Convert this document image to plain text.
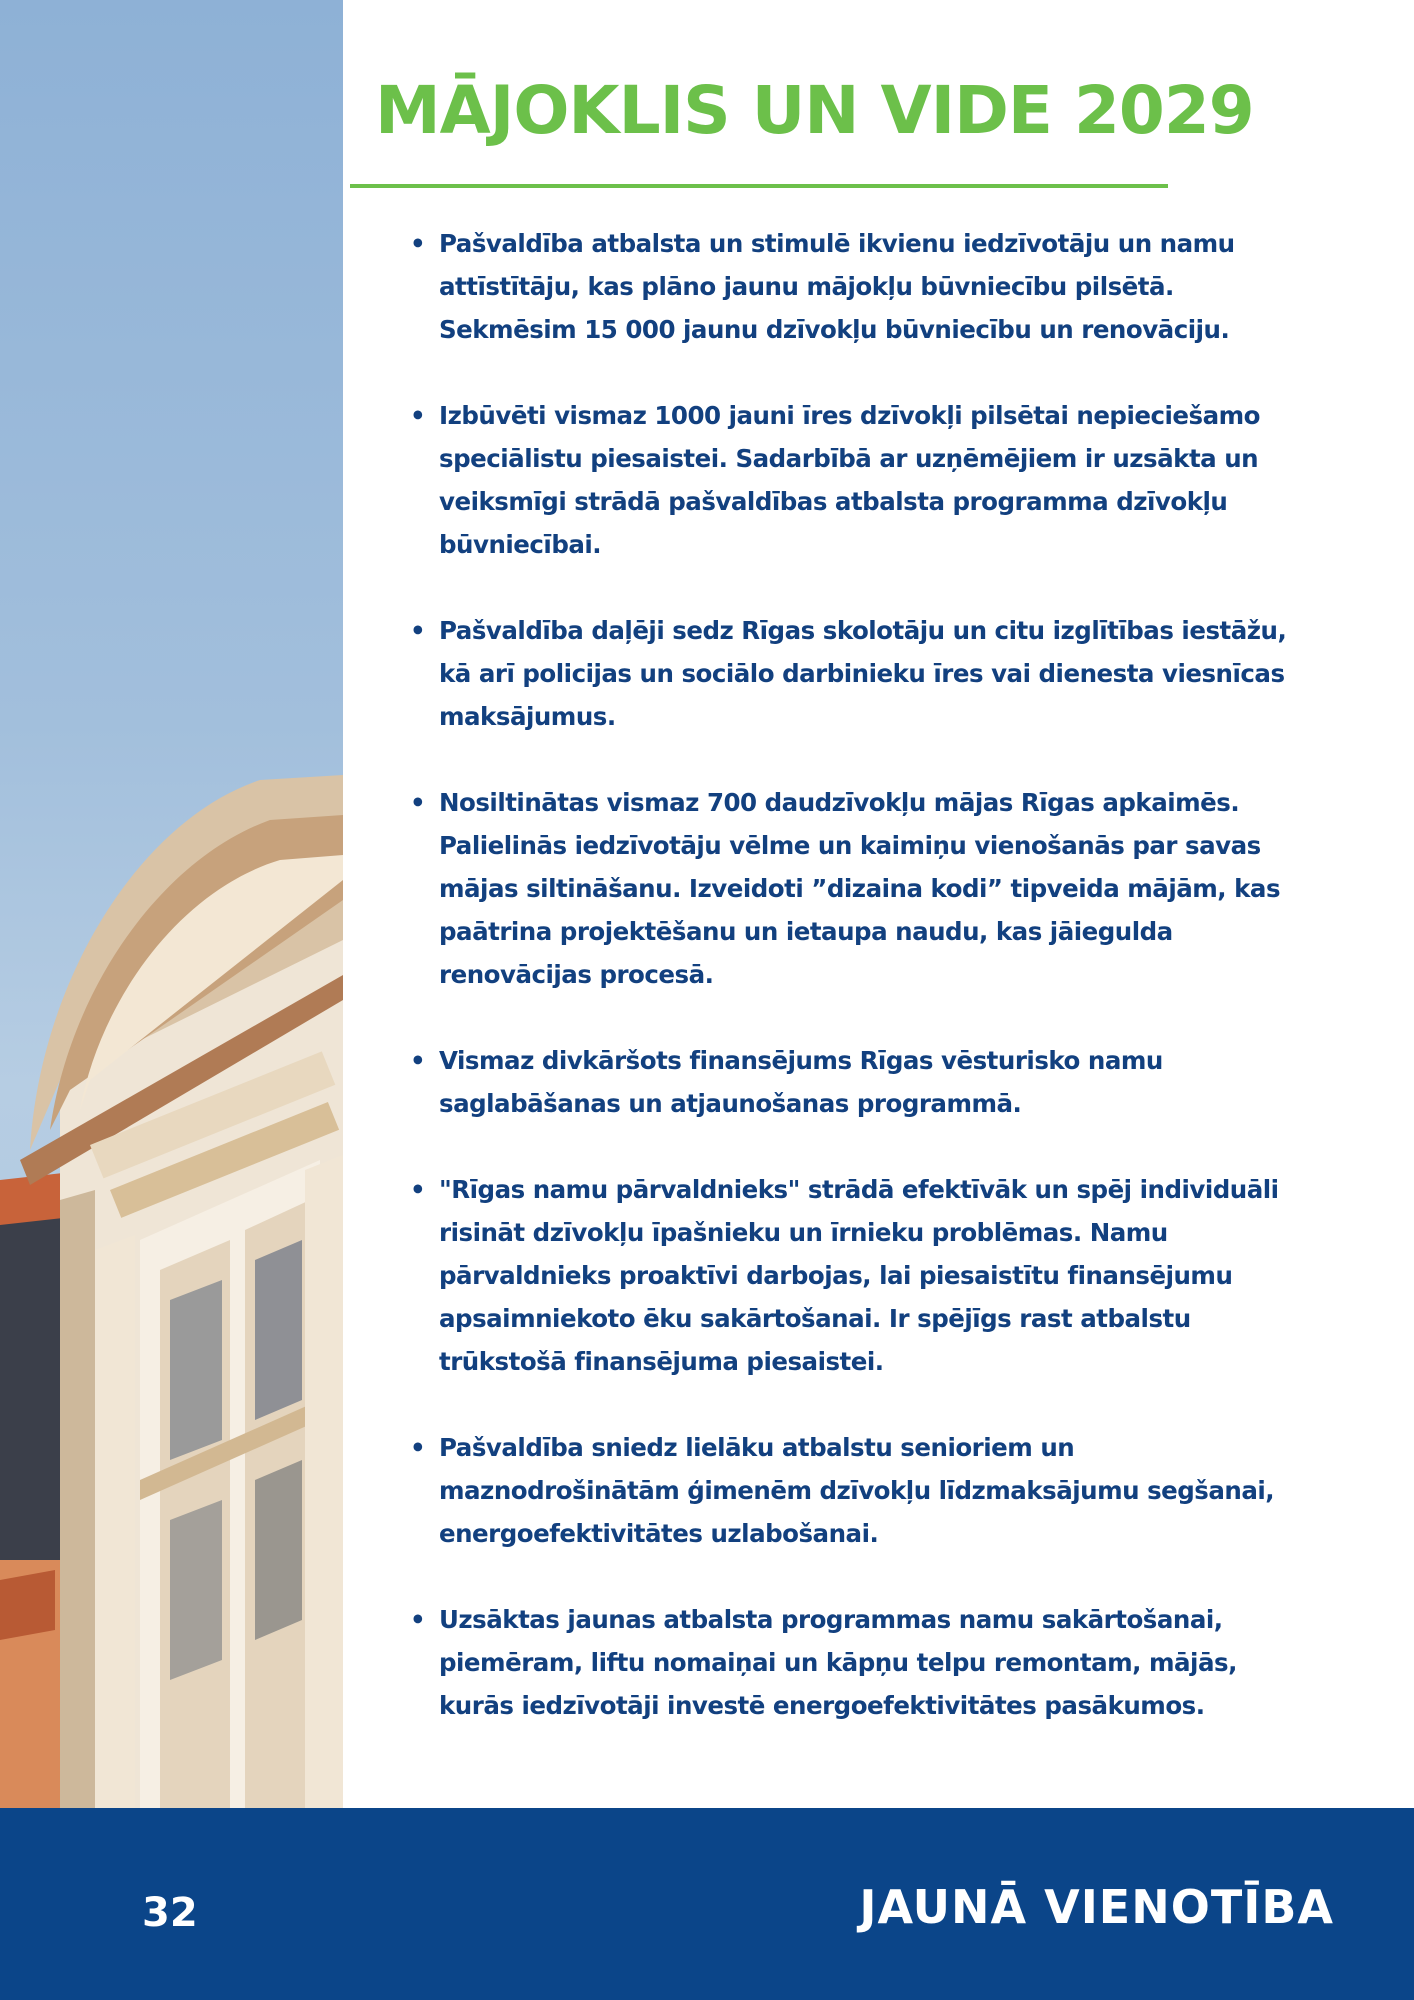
MĀJOKLIS UN VIDE 2029
• Pašvaldība atbalsta un stimulē ikvienu iedzīvotāju un namu attīstītāju, kas plāno jaunu mājokļu būvniecību pilsētā. Sekmēsim 15 000 jaunu dzīvokļu būvniecību un renovāciju.
• Izbūvēti vismaz 1000 jauni īres dzīvokļi pilsētai nepieciešamo speciālistu piesaistei. Sadarbībā ar uzņēmējiem ir uzsākta un veiksmīgi strādā pašvaldības atbalsta programma dzīvokļu būvniecībai.
• Pašvaldība daļēji sedz Rīgas skolotāju un citu izglītības iestāžu, kā arī policijas un sociālo darbinieku īres vai dienesta viesnīcas maksājumus.
• Nosiltinātas vismaz 700 daudzīvokļu mājas Rīgas apkaimēs. Palielinās iedzīvotāju vēlme un kaimiņu vienošanās par savas mājas siltināšanu. Izveidoti ”dizaina kodi” tipveida mājām, kas paātrina projektēšanu un ietaupa naudu, kas jāiegulda renovācijas procesā.
• Vismaz divkāršots finansējums Rīgas vēsturisko namu saglabāšanas un atjaunošanas programmā.
• "Rīgas namu pārvaldnieks" strādā efektīvāk un spēj individuāli risināt dzīvokļu īpašnieku un īrnieku problēmas. Namu pārvaldnieks proaktīvi darbojas, lai piesaistītu finansējumu apsaimniekoto ēku sakārtošanai. Ir spējīgs rast atbalstu trūkstošā finansējuma piesaistei.
• Pašvaldība sniedz lielāku atbalstu senioriem un maznodrošinātām ģimenēm dzīvokļu līdzmaksājumu segšanai, energoefektivitātes uzlabošanai.
• Uzsāktas jaunas atbalsta programmas namu sakārtošanai, piemēram, liftu nomaiņai un kāpņu telpu remontam, mājās, kurās iedzīvotāji investē energoefektivitātes pasākumos.
32	JAUNĀ VIENOTĪBA
